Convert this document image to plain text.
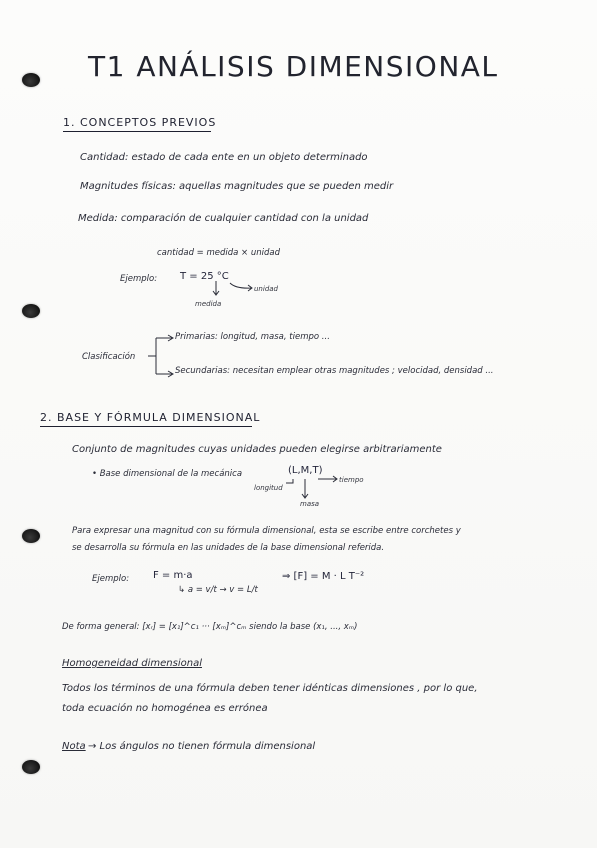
T1 ANÁLISIS DIMENSIONAL
1. CONCEPTOS PREVIOS
Cantidad: estado de cada ente en un objeto determinado
Magnitudes físicas: aquellas magnitudes que se pueden medir
Medida: comparación de cualquier cantidad con la unidad
cantidad = medida × unidad
Ejemplo: T = 25 °C
unidad
medida
Clasificación
Primarias: longitud, masa, tiempo ...
Secundarias: necesitan emplear otras magnitudes ; velocidad, densidad ...
2. BASE Y FÓRMULA DIMENSIONAL
Conjunto de magnitudes cuyas unidades pueden elegirse arbitrariamente
• Base dimensional de la mecánica	(L,M,T)
longitud
tiempo
masa
Para expresar una magnitud con su fórmula dimensional, esta se escribe entre corchetes y
se desarrolla su fórmula en las unidades de la base dimensional referida.
Ejemplo: F = m·a
↳ a = v/t → v = L/t
⇒ [F] = M · L T⁻²
De forma general: [xᵣ] = [x₁]^c₁ ··· [xₘ]^cₘ siendo la base (x₁, ..., xₘ)
Homogeneidad dimensional
Todos los términos de una fórmula deben tener idénticas dimensiones , por lo que,
toda ecuación no homogénea es errónea
Nota → Los ángulos no tienen fórmula dimensional
